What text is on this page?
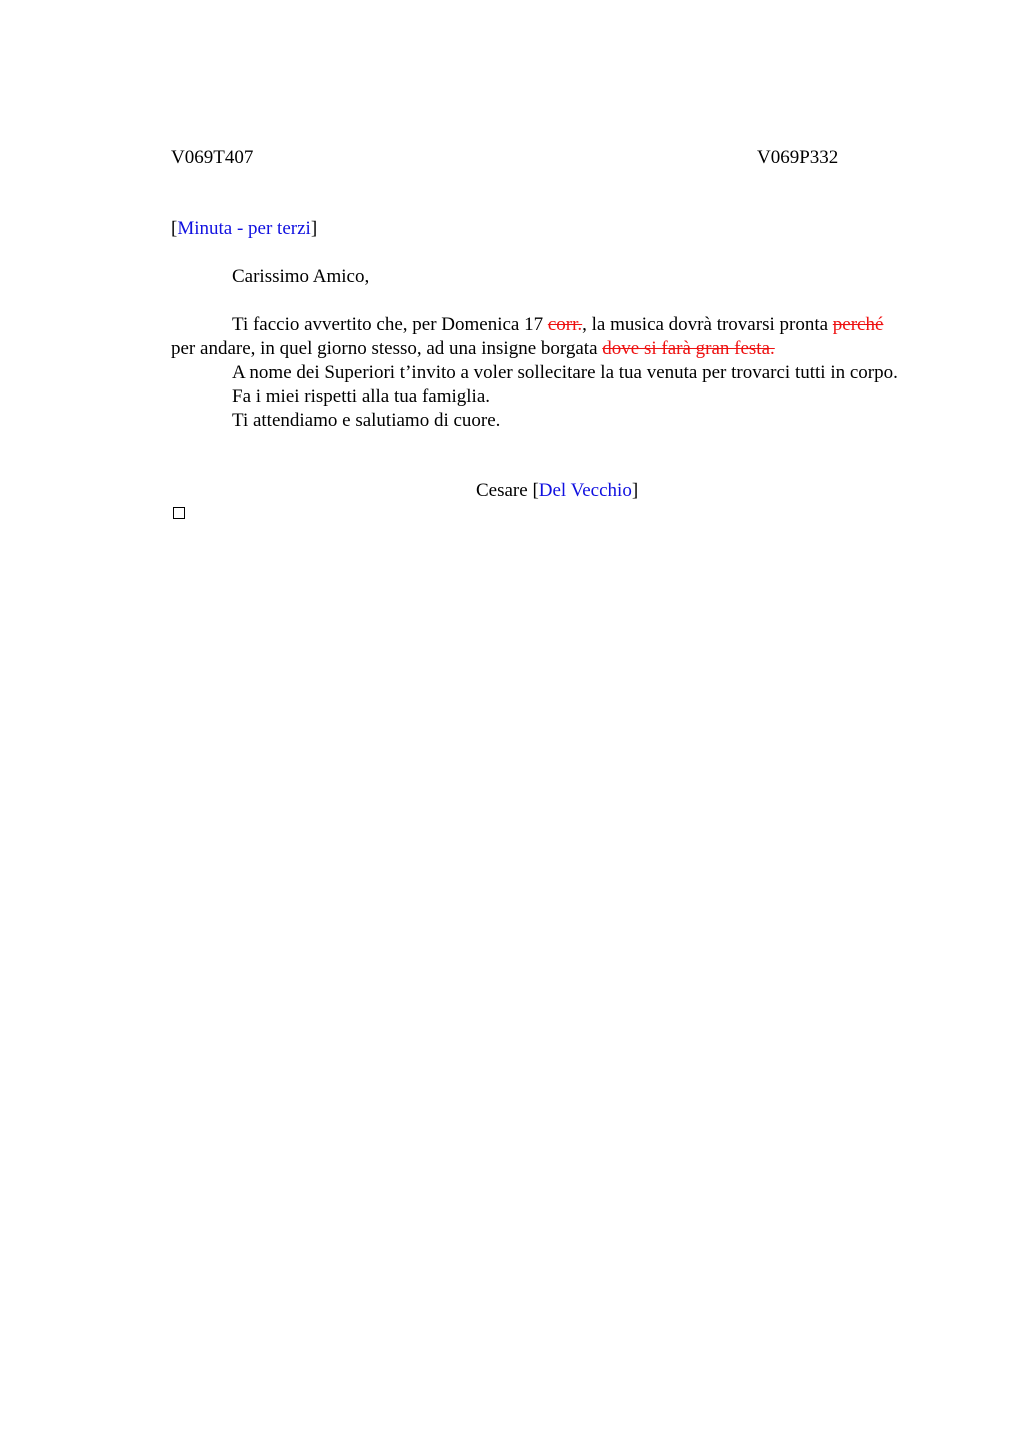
V069T407	V069P332
[Minuta - per terzi]
Carissimo Amico,

Ti faccio avvertito che, per Domenica 17 corr., la musica dovrà trovarsi pronta perché per andare, in quel giorno stesso, ad una insigne borgata dove si farà gran festa.

A nome dei Superiori t’invito a voler sollecitare la tua venuta per trovarci tutti in corpo.

Fa i miei rispetti alla tua famiglia.

Ti attendiamo e salutiamo di cuore.

Cesare [Del Vecchio]
